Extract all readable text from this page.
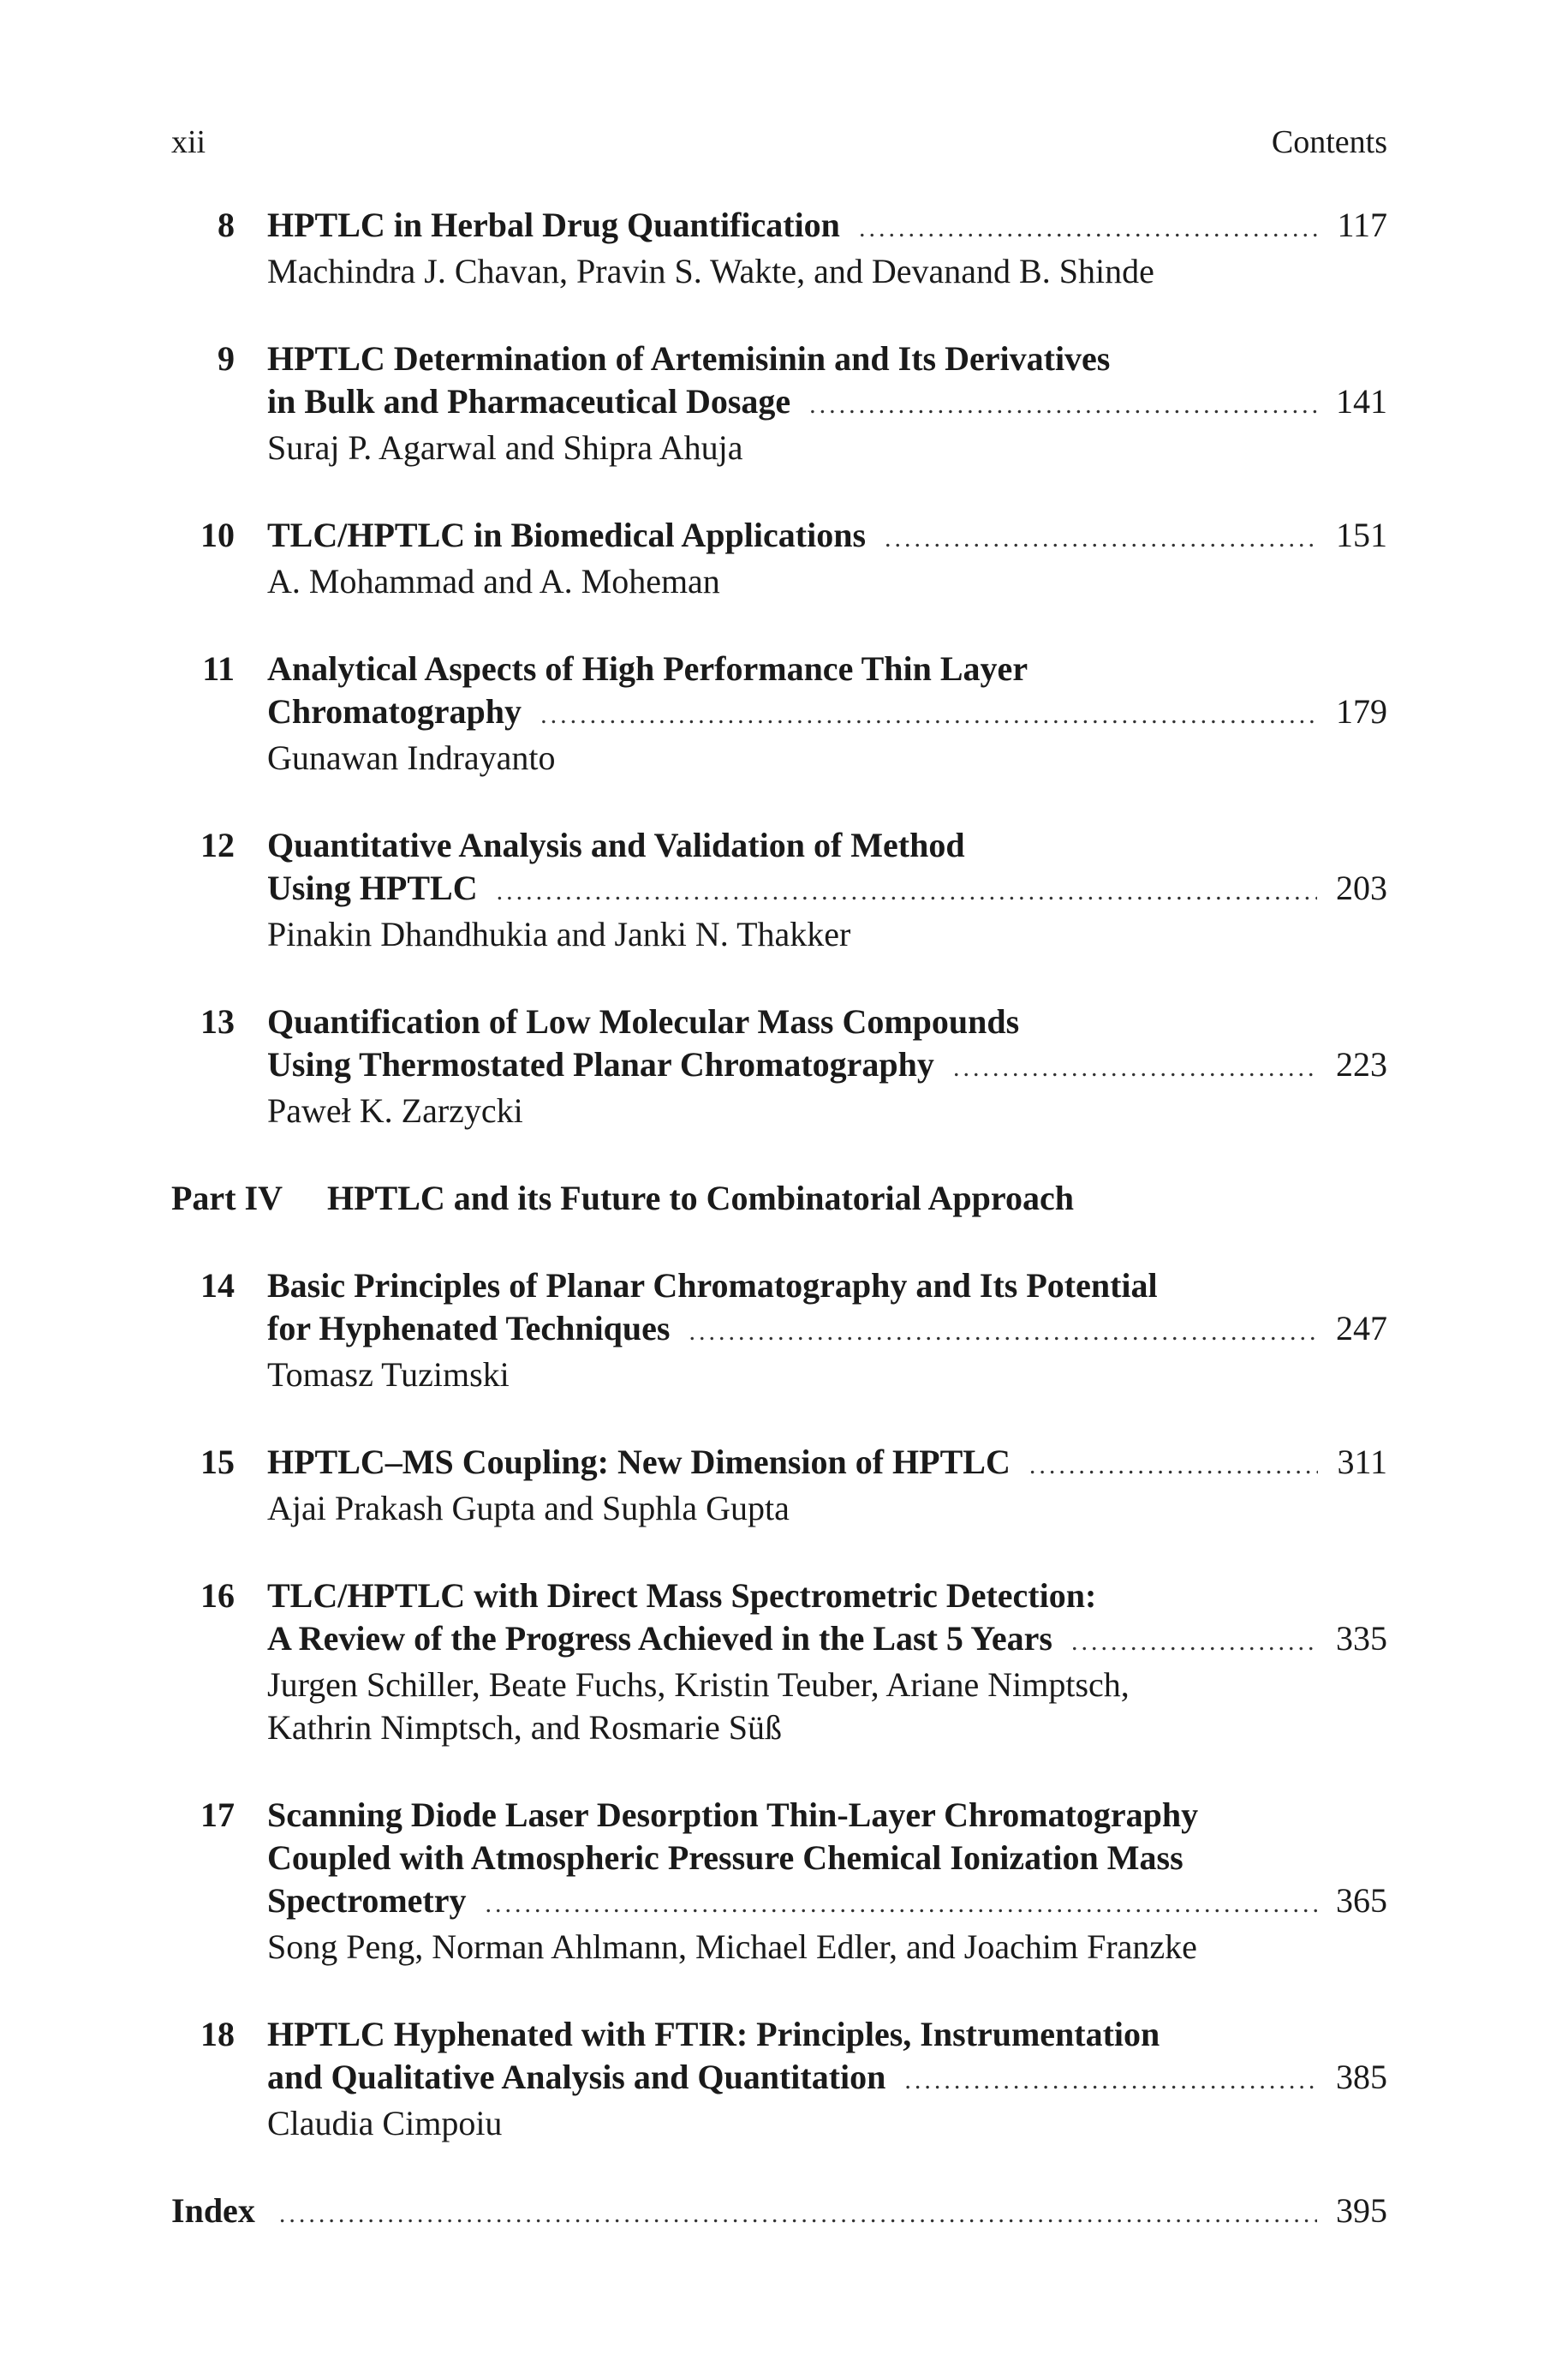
xii	Contents
8 HPTLC in Herbal Drug Quantification .....	117
Machindra J. Chavan, Pravin S. Wakte, and Devanand B. Shinde
9 HPTLC Determination of Artemisinin and Its Derivatives
in Bulk and Pharmaceutical Dosage .....	141
Suraj P. Agarwal and Shipra Ahuja
10 TLC/HPTLC in Biomedical Applications .....	151
A. Mohammad and A. Moheman
11 Analytical Aspects of High Performance Thin Layer
Chromatography .....	179
Gunawan Indrayanto
12 Quantitative Analysis and Validation of Method
Using HPTLC .....	203
Pinakin Dhandhukia and Janki N. Thakker
13 Quantification of Low Molecular Mass Compounds
Using Thermostated Planar Chromatography .....	223
Paweł K. Zarzycki
Part IV	HPTLC and its Future to Combinatorial Approach
14 Basic Principles of Planar Chromatography and Its Potential
for Hyphenated Techniques .....	247
Tomasz Tuzimski
15 HPTLC–MS Coupling: New Dimension of HPTLC .....	311
Ajai Prakash Gupta and Suphla Gupta
16 TLC/HPTLC with Direct Mass Spectrometric Detection:
A Review of the Progress Achieved in the Last 5 Years .....	335
Jurgen Schiller, Beate Fuchs, Kristin Teuber, Ariane Nimptsch,
Kathrin Nimptsch, and Rosmarie Süß
17 Scanning Diode Laser Desorption Thin-Layer Chromatography
Coupled with Atmospheric Pressure Chemical Ionization Mass
Spectrometry .....	365
Song Peng, Norman Ahlmann, Michael Edler, and Joachim Franzke
18 HPTLC Hyphenated with FTIR: Principles, Instrumentation
and Qualitative Analysis and Quantitation .....	385
Claudia Cimpoiu
Index .....	395
